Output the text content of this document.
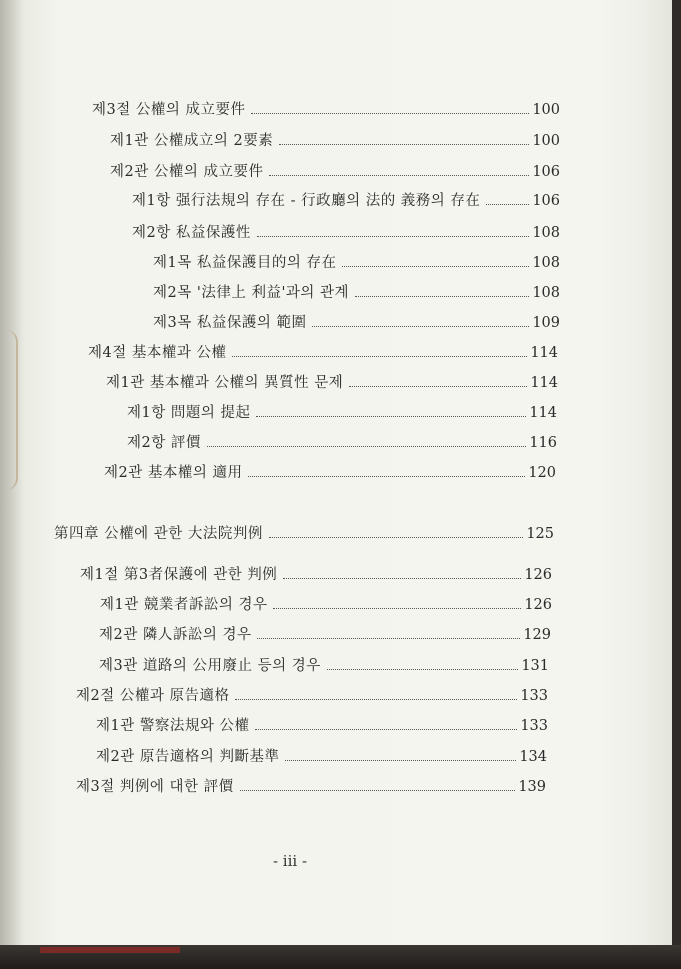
제3절 公權의 成立要件	100
제1관 公權成立의 2要素	100
제2관 公權의 成立要件	106
제1항 强行法規의 存在 - 行政廳의 法的 義務의 存在	106
제2항 私益保護性	108
제1목 私益保護目的의 存在	108
제2목 '法律上 利益'과의 관계	108
제3목 私益保護의 範圍	109
제4절 基本權과 公權	114
제1관 基本權과 公權의 異質性 문제	114
제1항 問題의 提起	114
제2항 評價	116
제2관 基本權의 適用	120
第四章 公權에 관한 大法院判例	125
제1절 第3者保護에 관한 判例	126
제1관 競業者訴訟의 경우	126
제2관 隣人訴訟의 경우	129
제3관 道路의 公用廢止 등의 경우	131
제2절 公權과 原告適格	133
제1관 警察法規와 公權	133
제2관 原告適格의 判斷基準	134
제3절 判例에 대한 評價	139
- iii -
